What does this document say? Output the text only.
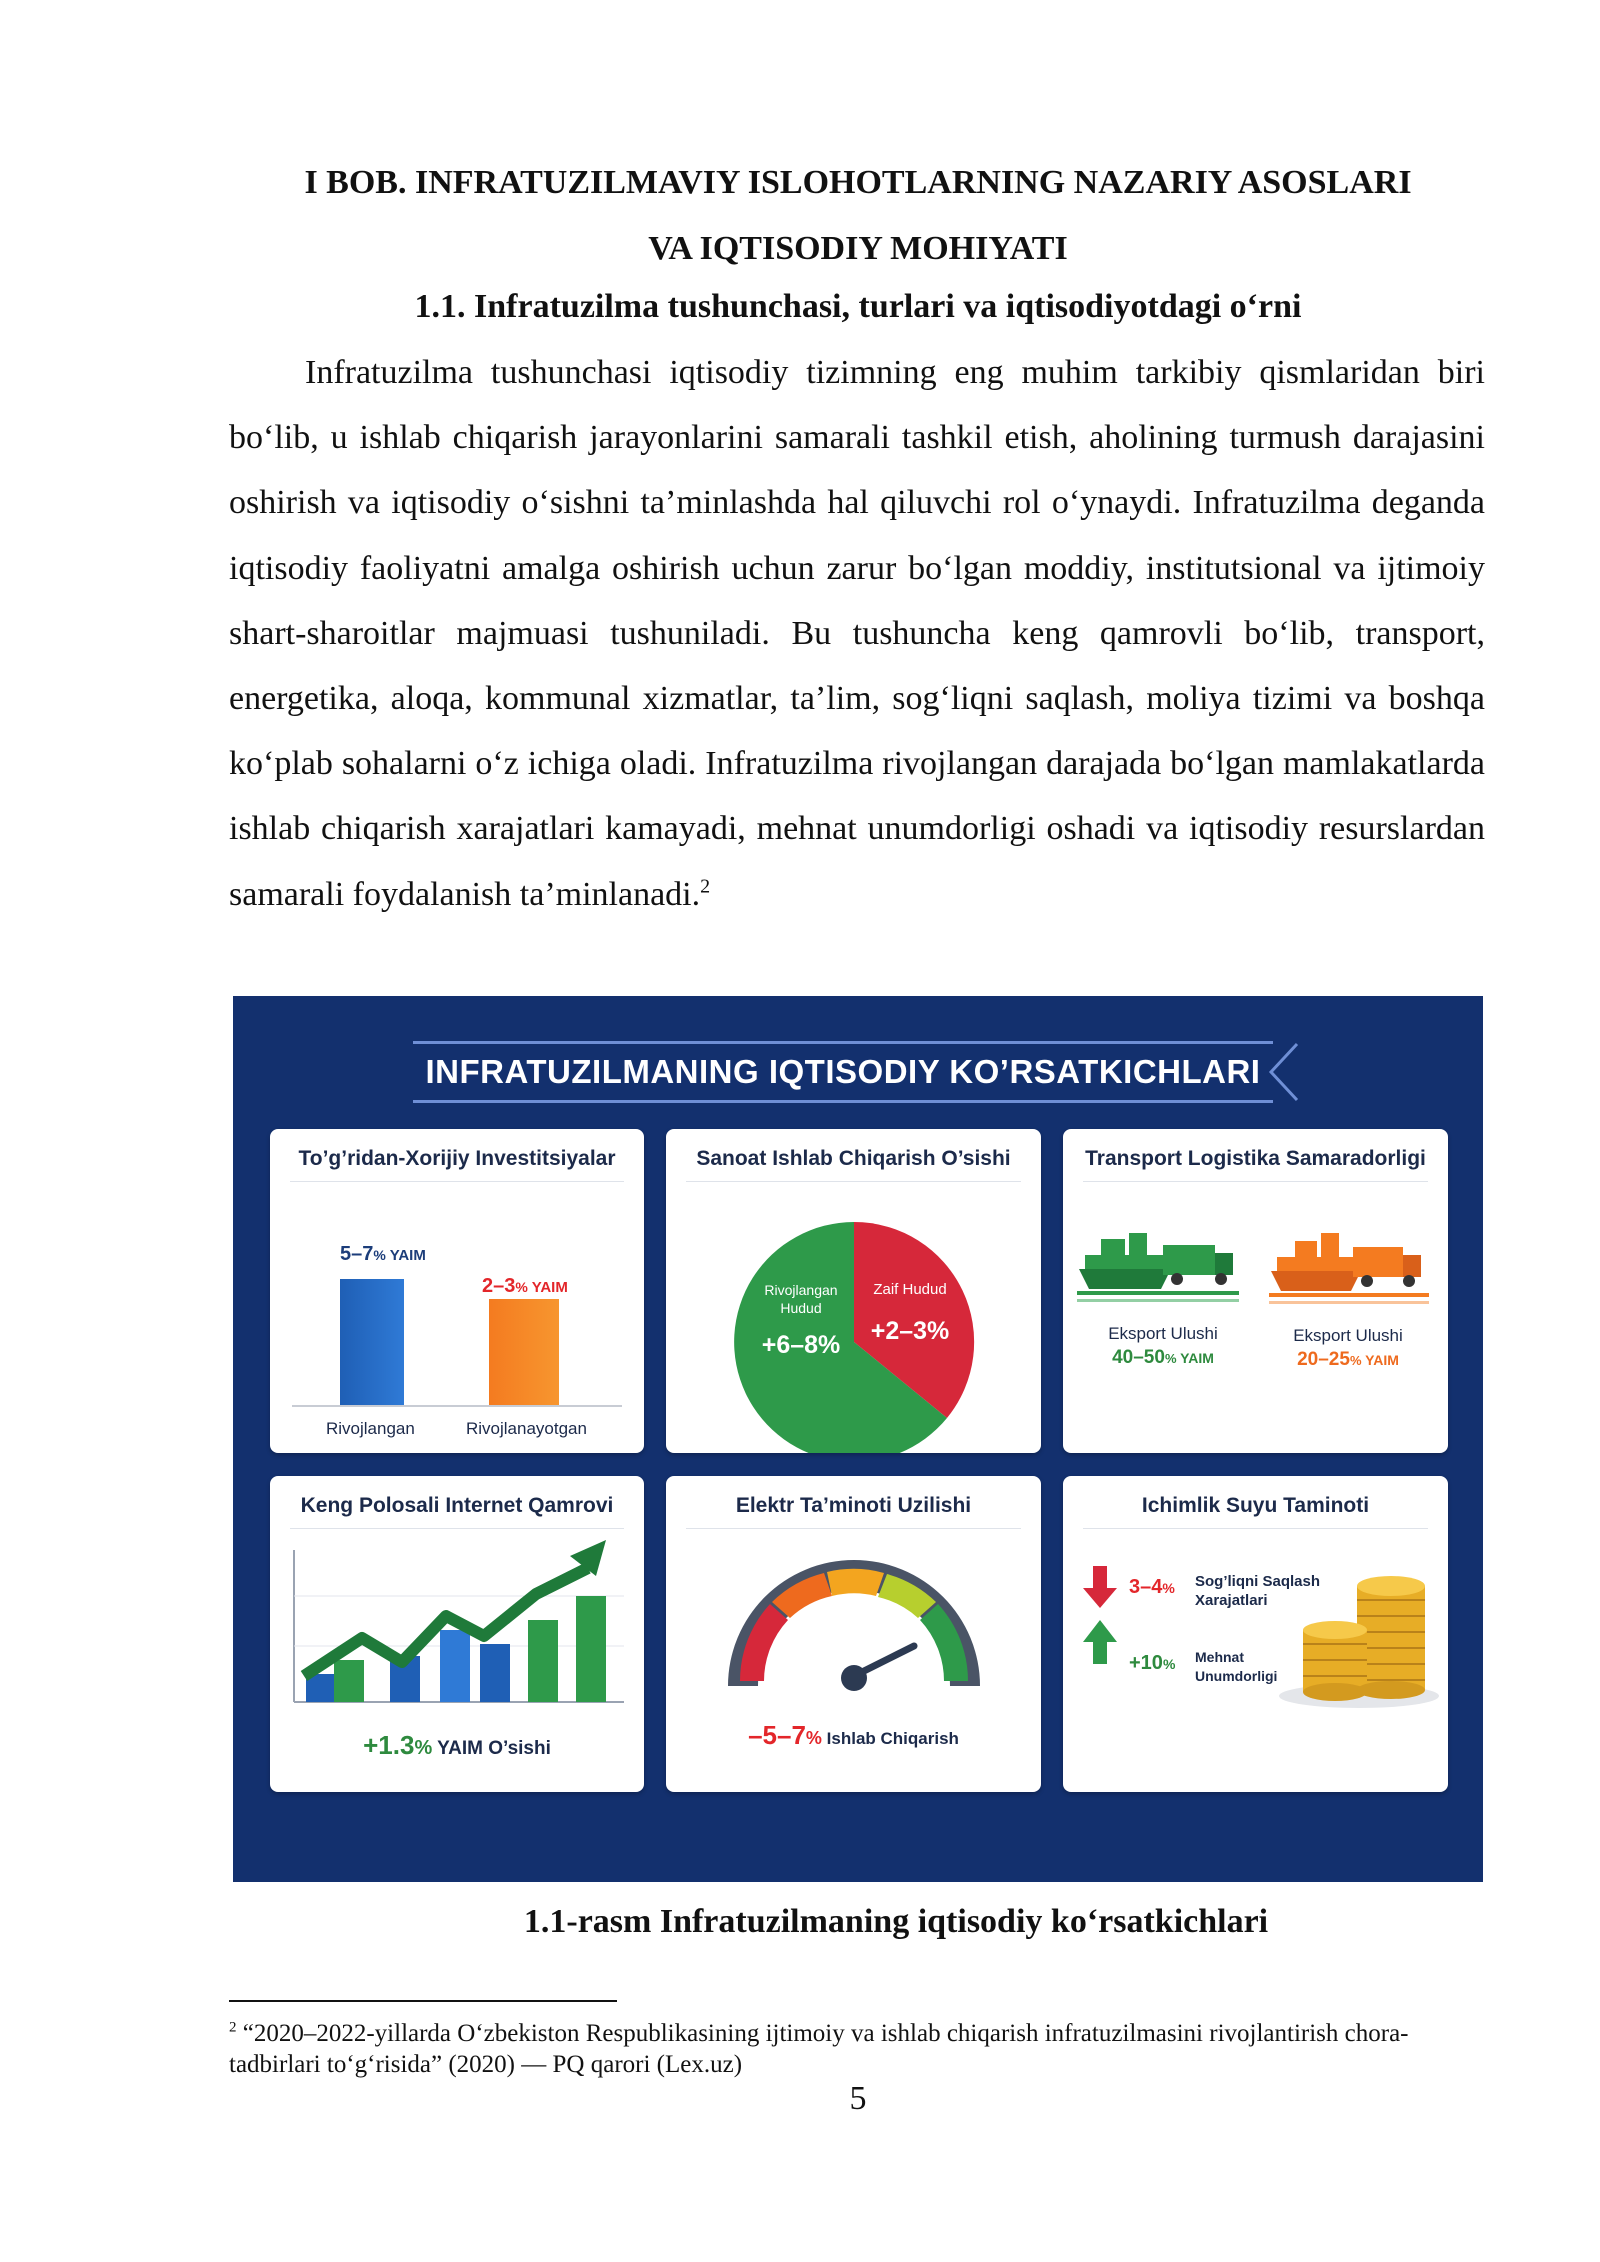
I BOB. INFRATUZILMAVIY ISLOHOTLARNING NAZARIY ASOSLARI
VA IQTISODIY MOHIYATI
1.1. Infratuzilma tushunchasi, turlari va iqtisodiyotdagi o‘rni

Infratuzilma tushunchasi iqtisodiy tizimning eng muhim tarkibiy qismlaridan biri bo‘lib, u ishlab chiqarish jarayonlarini samarali tashkil etish, aholining turmush darajasini oshirish va iqtisodiy o‘sishni ta’minlashda hal qiluvchi rol o‘ynaydi. Infratuzilma deganda iqtisodiy faoliyatni amalga oshirish uchun zarur bo‘lgan moddiy, institutsional va ijtimoiy shart-sharoitlar majmuasi tushuniladi. Bu tushuncha keng qamrovli bo‘lib, transport, energetika, aloqa, kommunal xizmatlar, ta’lim, sog‘liqni saqlash, moliya tizimi va boshqa ko‘plab sohalarni o‘z ichiga oladi. Infratuzilma rivojlangan darajada bo‘lgan mamlakatlarda ishlab chiqarish xarajatlari kamayadi, mehnat unumdorligi oshadi va iqtisodiy resurslardan samarali foydalanish ta’minlanadi.$^2$

INFRATUZILMANING IQTISODIY KO’RSATKICHLARI
To’g’ridan-Xorijiy Investitsiyalar
5–7% YAIM
2–3% YAIM
Rivojlangan	Rivojlanayotgan
Sanoat Ishlab Chiqarish O’sishi
Rivojlangan
Hudud
+6–8%
Zaif Hudud
+2–3%
Transport Logistika Samaradorligi
Eksport Ulushi
40–50% YAIM
Eksport Ulushi
20–25% YAIM
Keng Polosali Internet Qamrovi
+1.3% YAIM O’sishi
Elektr Ta’minoti Uzilishi
–5–7% Ishlab Chiqarish
Ichimlik Suyu Taminoti
3–4% Sog’liqni Saqlash
Xarajatlari
+10% Mehnat
Unumdorligi
1.1-rasm Infratuzilmaning iqtisodiy ko‘rsatkichlari

$^2$ “2020–2022-yillarda O‘zbekiston Respublikasining ijtimoiy va ishlab chiqarish infratuzilmasini rivojlantirish chora-tadbirlari to‘g‘risida” (2020) — PQ qarori (Lex.uz)

5
